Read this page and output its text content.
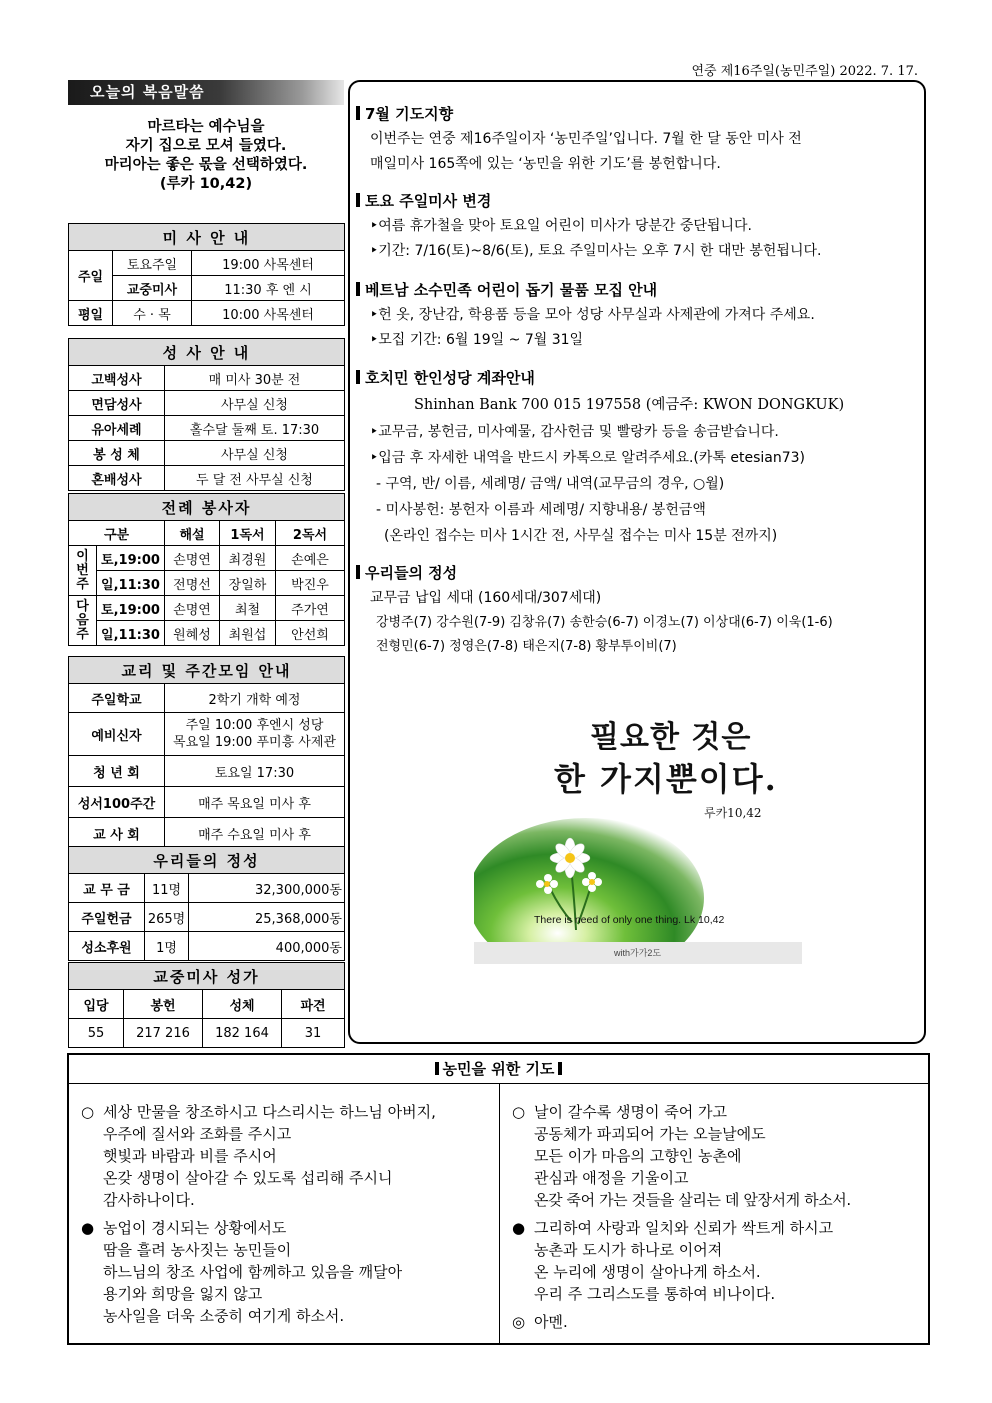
연중 제16주일(농민주일) 2022. 7. 17.
오늘의 복음말씀
마르타는 예수님을
자기 집으로 모셔 들였다.
마리아는 좋은 몫을 선택하였다.
(루카 10,42)
미 사 안 내		
주일	토요주일	19:00 사목센터
	교중미사	11:30 후 엔 시
평일	수 · 목	10:00 사목센터
성 사 안 내	
고백성사	매 미사 30분 전
면담성사	사무실 신청
유아세례	홀수달 둘째 토. 17:30
봉 성 체	사무실 신청
혼배성사	두 달 전 사무실 신청
전례 봉사자				
구분		해설	1독서	2독서
이번주	토,19:00	손명연	최경원	손예은
	일,11:30	전명선	장일하	박진우
다음주	토,19:00	손명연	최철	주가연
	일,11:30	원혜성	최원섭	안선희
교리 및 주간모임 안내	
주일학교	2학기 개학 예정
예비신자	주일 10:00 후엔시 성당
목요일 19:00 푸미흥 사제관
청 년 회	토요일 17:30
성서100주간	매주 목요일 미사 후
교 사 회	매주 수요일 미사 후
우리들의 정성		
교 무 금	11명	32,300,000동
주일헌금	265명	25,368,000동
성소후원	1명	400,000동
교중미사 성가			
입당	봉헌	성체	파견
55	217 216	182 164	31
7월 기도지향

이번주는 연중 제16주일이자 ‘농민주일’입니다. 7월 한 달 동안 미사 전

매일미사 165쪽에 있는 ‘농민을 위한 기도’를 봉헌합니다.

토요 주일미사 변경

‣여름 휴가철을 맞아 토요일 어린이 미사가 당분간 중단됩니다.

‣기간: 7/16(토)~8/6(토), 토요 주일미사는 오후 7시 한 대만 봉헌됩니다.

베트남 소수민족 어린이 돕기 물품 모집 안내

‣헌 옷, 장난감, 학용품 등을 모아 성당 사무실과 사제관에 가져다 주세요.

‣모집 기간: 6월 19일 ~ 7월 31일

호치민 한인성당 계좌안내

Shinhan Bank 700 015 197558 (예금주: KWON DONGKUK)

‣교무금, 봉헌금, 미사예물, 감사헌금 및 빨랑카 등을 송금받습니다.

‣입금 후 자세한 내역을 반드시 카톡으로 알려주세요.(카톡 etesian73)

- 구역, 반/ 이름, 세례명/ 금액/ 내역(교무금의 경우, ○월)

- 미사봉헌: 봉헌자 이름과 세례명/ 지향내용/ 봉헌금액

(온라인 접수는 미사 1시간 전, 사무실 접수는 미사 15분 전까지)

우리들의 정성

교무금 납입 세대 (160세대/307세대)

강병주(7) 강수원(7-9) 김창유(7) 송한승(6-7) 이경노(7) 이상대(6-7) 이욱(1-6)

전형민(6-7) 정영은(7-8) 태은지(7-8) 황부투이비(7)

필요한 것은
한 가지뿐이다.
루카10,42
There is need of only one thing. Lk 10,42
with가가2도
농민을 위한 기도
○ 세상 만물을 창조하시고 다스리시는 하느님 아버지,
우주에 질서와 조화를 주시고
햇빛과 바람과 비를 주시어
온갖 생명이 살아갈 수 있도록 섭리해 주시니
감사하나이다.
● 농업이 경시되는 상황에서도
땀을 흘려 농사짓는 농민들이
하느님의 창조 사업에 함께하고 있음을 깨달아
용기와 희망을 잃지 않고
농사일을 더욱 소중히 여기게 하소서.
○ 날이 갈수록 생명이 죽어 가고
공동체가 파괴되어 가는 오늘날에도
모든 이가 마음의 고향인 농촌에
관심과 애정을 기울이고
온갖 죽어 가는 것들을 살리는 데 앞장서게 하소서.
● 그리하여 사랑과 일치와 신뢰가 싹트게 하시고
농촌과 도시가 하나로 이어져
온 누리에 생명이 살아나게 하소서.
우리 주 그리스도를 통하여 비나이다.
◎ 아멘.
